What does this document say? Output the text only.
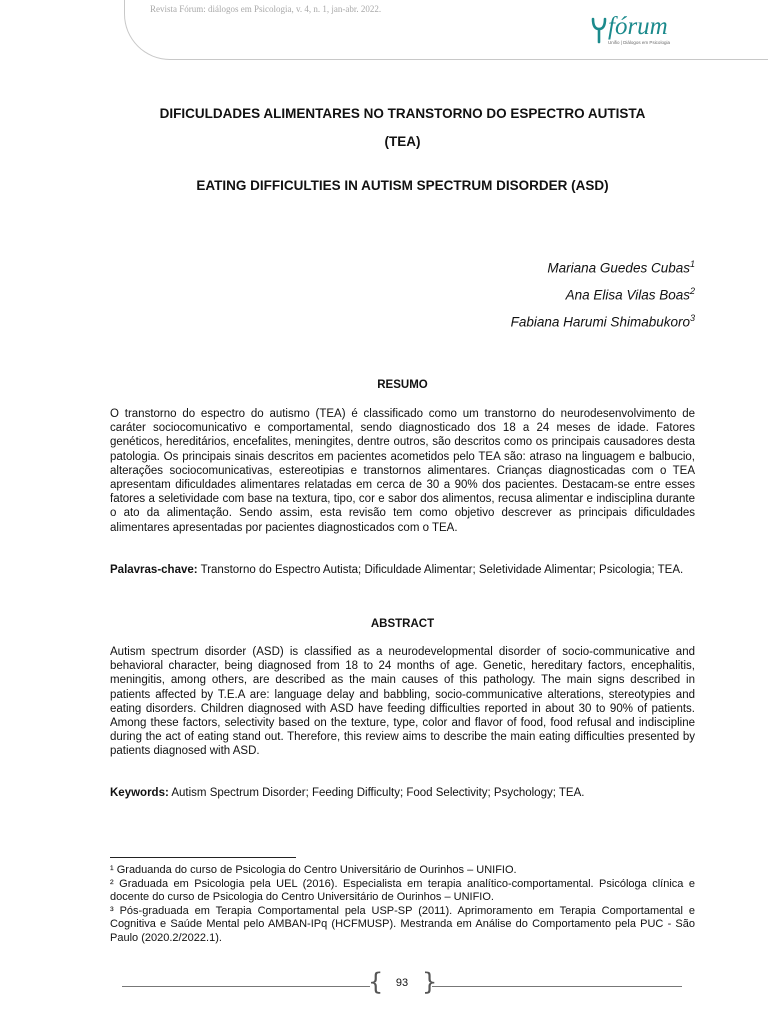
Revista Fórum: diálogos em Psicologia, v. 4, n. 1, jan-abr. 2022.
fórum
Unifio | Diálogos em Psicologia
DIFICULDADES ALIMENTARES NO TRANSTORNO DO ESPECTRO AUTISTA
(TEA)
EATING DIFFICULTIES IN AUTISM SPECTRUM DISORDER (ASD)
Mariana Guedes Cubas$^1$
Ana Elisa Vilas Boas$^2$
Fabiana Harumi Shimabukoro$^3$
RESUMO

O transtorno do espectro do autismo (TEA) é classificado como um transtorno do neurodesenvolvimento de caráter sociocomunicativo e comportamental, sendo diagnosticado dos 18 a 24 meses de idade. Fatores genéticos, hereditários, encefalites, meningites, dentre outros, são descritos como os principais causadores desta patologia. Os principais sinais descritos em pacientes acometidos pelo TEA são: atraso na linguagem e balbucio, alterações sociocomunicativas, estereotipias e transtornos alimentares. Crianças diagnosticadas com o TEA apresentam dificuldades alimentares relatadas em cerca de 30 a 90% dos pacientes. Destacam-se entre esses fatores a seletividade com base na textura, tipo, cor e sabor dos alimentos, recusa alimentar e indisciplina durante o ato da alimentação. Sendo assim, esta revisão tem como objetivo descrever as principais dificuldades alimentares apresentadas por pacientes diagnosticados com o TEA.

Palavras-chave: Transtorno do Espectro Autista; Dificuldade Alimentar; Seletividade Alimentar; Psicologia; TEA.

ABSTRACT

Autism spectrum disorder (ASD) is classified as a neurodevelopmental disorder of socio-communicative and behavioral character, being diagnosed from 18 to 24 months of age. Genetic, hereditary factors, encephalitis, meningitis, among others, are described as the main causes of this pathology. The main signs described in patients affected by T.E.A are: language delay and babbling, socio-communicative alterations, stereotypies and eating disorders. Children diagnosed with ASD have feeding difficulties reported in about 30 to 90% of patients. Among these factors, selectivity based on the texture, type, color and flavor of food, food refusal and indiscipline during the act of eating stand out. Therefore, this review aims to describe the main eating difficulties presented by patients diagnosed with ASD.

Keywords: Autism Spectrum Disorder; Feeding Difficulty; Food Selectivity; Psychology; TEA.

¹ Graduanda do curso de Psicologia do Centro Universitário de Ourinhos – UNIFIO.

² Graduada em Psicologia pela UEL (2016). Especialista em terapia analítico-comportamental. Psicóloga clínica e docente do curso de Psicologia do Centro Universitário de Ourinhos – UNIFIO.

³ Pós-graduada em Terapia Comportamental pela USP-SP (2011). Aprimoramento em Terapia Comportamental e Cognitiva e Saúde Mental pelo AMBAN-IPq (HCFMUSP). Mestranda em Análise do Comportamento pela PUC - São Paulo (2020.2/2022.1).

{ }
93
